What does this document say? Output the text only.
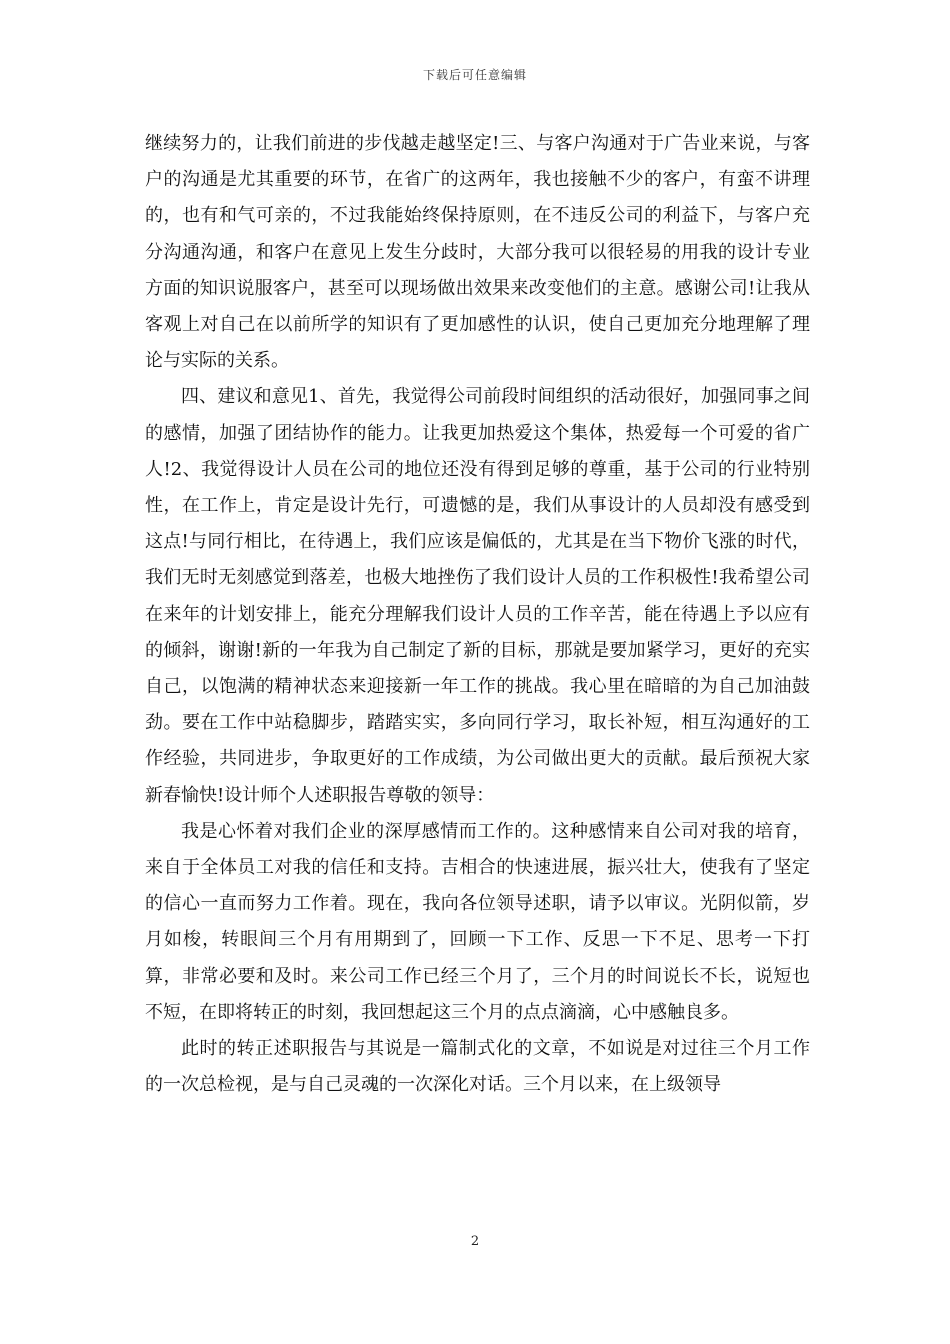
下载后可任意编辑

继续努力的，让我们前进的步伐越走越坚定!三、与客户沟通对于广告业来说，与客户的沟通是尤其重要的环节，在省广的这两年，我也接触不少的客户，有蛮不讲理的，也有和气可亲的，不过我能始终保持原则，在不违反公司的利益下，与客户充分沟通沟通，和客户在意见上发生分歧时，大部分我可以很轻易的用我的设计专业方面的知识说服客户，甚至可以现场做出效果来改变他们的主意。感谢公司!让我从客观上对自己在以前所学的知识有了更加感性的认识，使自己更加充分地理解了理论与实际的关系。

四、建议和意见1、首先，我觉得公司前段时间组织的活动很好，加强同事之间的感情，加强了团结协作的能力。让我更加热爱这个集体，热爱每一个可爱的省广人!2、我觉得设计人员在公司的地位还没有得到足够的尊重，基于公司的行业特别性，在工作上，肯定是设计先行，可遗憾的是，我们从事设计的人员却没有感受到这点!与同行相比，在待遇上，我们应该是偏低的，尤其是在当下物价飞涨的时代，我们无时无刻感觉到落差，也极大地挫伤了我们设计人员的工作积极性!我希望公司在来年的计划安排上，能充分理解我们设计人员的工作辛苦，能在待遇上予以应有的倾斜，谢谢!新的一年我为自己制定了新的目标，那就是要加紧学习，更好的充实自己，以饱满的精神状态来迎接新一年工作的挑战。我心里在暗暗的为自己加油鼓劲。要在工作中站稳脚步，踏踏实实，多向同行学习，取长补短，相互沟通好的工作经验，共同进步，争取更好的工作成绩，为公司做出更大的贡献。最后预祝大家新春愉快!设计师个人述职报告尊敬的领导：

我是心怀着对我们企业的深厚感情而工作的。这种感情来自公司对我的培育，来自于全体员工对我的信任和支持。吉相合的快速进展，振兴壮大，使我有了坚定的信心一直而努力工作着。现在，我向各位领导述职，请予以审议。光阴似箭，岁月如梭，转眼间三个月有用期到了，回顾一下工作、反思一下不足、思考一下打算，非常必要和及时。来公司工作已经三个月了，三个月的时间说长不长，说短也不短，在即将转正的时刻，我回想起这三个月的点点滴滴，心中感触良多。

此时的转正述职报告与其说是一篇制式化的文章，不如说是对过往三个月工作的一次总检视，是与自己灵魂的一次深化对话。三个月以来，在上级领导

2
